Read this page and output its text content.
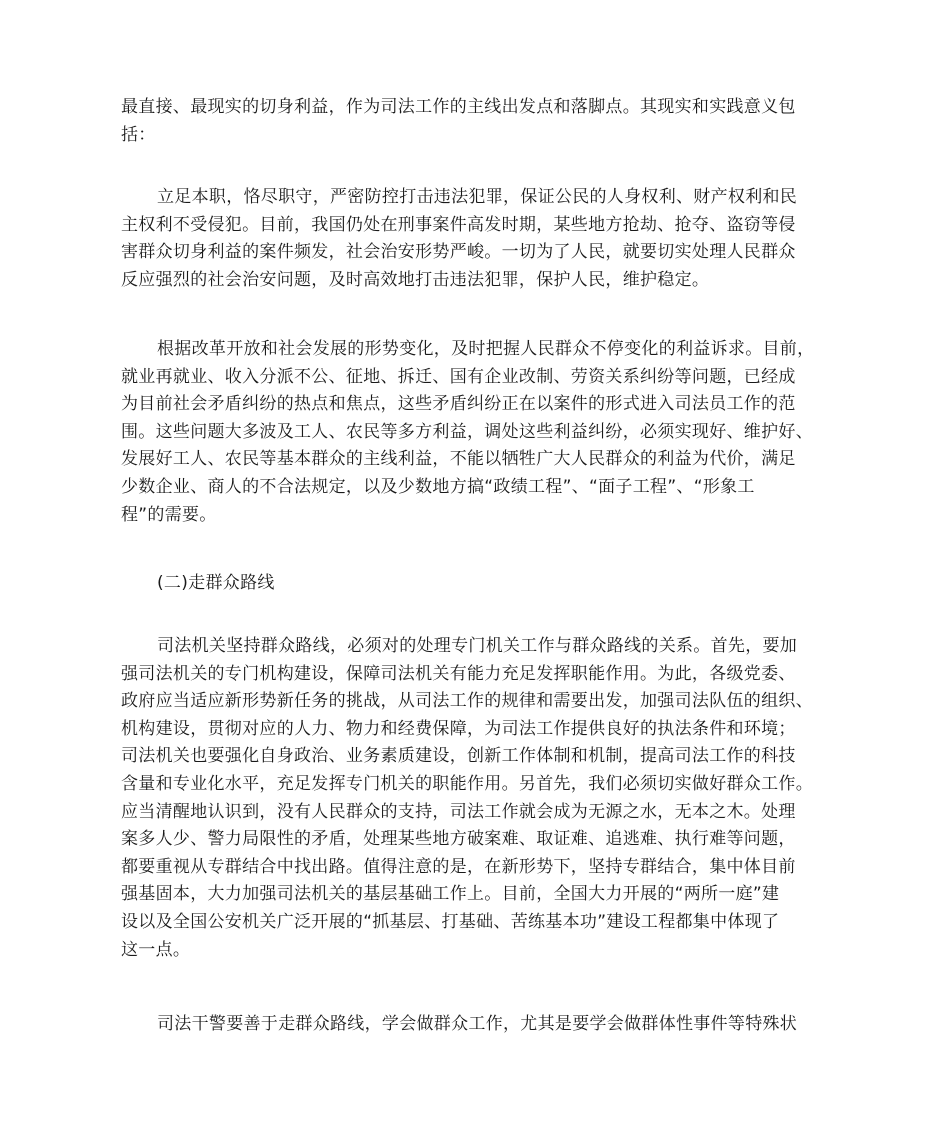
最直接、最现实的切身利益，作为司法工作的主线出发点和落脚点。其现实和实践意义包
括：
立足本职，恪尽职守，严密防控打击违法犯罪，保证公民的人身权利、财产权利和民
主权利不受侵犯。目前，我国仍处在刑事案件高发时期，某些地方抢劫、抢夺、盗窃等侵
害群众切身利益的案件频发，社会治安形势严峻。一切为了人民，就要切实处理人民群众
反应强烈的社会治安问题，及时高效地打击违法犯罪，保护人民，维护稳定。
根据改革开放和社会发展的形势变化，及时把握人民群众不停变化的利益诉求。目前，
就业再就业、收入分派不公、征地、拆迁、国有企业改制、劳资关系纠纷等问题，已经成
为目前社会矛盾纠纷的热点和焦点，这些矛盾纠纷正在以案件的形式进入司法员工作的范
围。这些问题大多波及工人、农民等多方利益，调处这些利益纠纷，必须实现好、维护好、
发展好工人、农民等基本群众的主线利益，不能以牺牲广大人民群众的利益为代价，满足
少数企业、商人的不合法规定，以及少数地方搞“政绩工程”、“面子工程”、“形象工
程”的需要。
(二)走群众路线
司法机关坚持群众路线，必须对的处理专门机关工作与群众路线的关系。首先，要加
强司法机关的专门机构建设，保障司法机关有能力充足发挥职能作用。为此，各级党委、
政府应当适应新形势新任务的挑战，从司法工作的规律和需要出发，加强司法队伍的组织、
机构建设，贯彻对应的人力、物力和经费保障，为司法工作提供良好的执法条件和环境；
司法机关也要强化自身政治、业务素质建设，创新工作体制和机制，提高司法工作的科技
含量和专业化水平，充足发挥专门机关的职能作用。另首先，我们必须切实做好群众工作。
应当清醒地认识到，没有人民群众的支持，司法工作就会成为无源之水，无本之木。处理
案多人少、警力局限性的矛盾，处理某些地方破案难、取证难、追逃难、执行难等问题，
都要重视从专群结合中找出路。值得注意的是，在新形势下，坚持专群结合，集中体目前
强基固本，大力加强司法机关的基层基础工作上。目前，全国大力开展的“两所一庭”建
设以及全国公安机关广泛开展的“抓基层、打基础、苦练基本功”建设工程都集中体现了
这一点。
司法干警要善于走群众路线，学会做群众工作，尤其是要学会做群体性事件等特殊状
